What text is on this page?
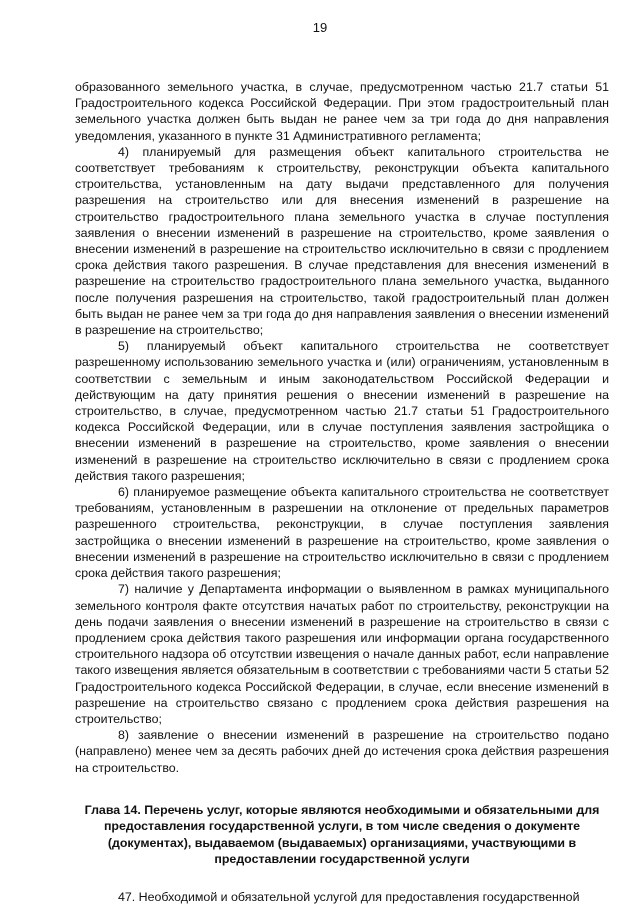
19

образованного земельного участка, в случае, предусмотренном частью 21.7 статьи 51 Градостроительного кодекса Российской Федерации. При этом градостроительный план земельного участка должен быть выдан не ранее чем за три года до дня направления уведомления, указанного в пункте 31 Административного регламента;

4) планируемый для размещения объект капитального строительства не соответствует требованиям к строительству, реконструкции объекта капитального строительства, установленным на дату выдачи представленного для получения разрешения на строительство или для внесения изменений в разрешение на строительство градостроительного плана земельного участка в случае поступления заявления о внесении изменений в разрешение на строительство, кроме заявления о внесении изменений в разрешение на строительство исключительно в связи с продлением срока действия такого разрешения. В случае представления для внесения изменений в разрешение на строительство градостроительного плана земельного участка, выданного после получения разрешения на строительство, такой градостроительный план должен быть выдан не ранее чем за три года до дня направления заявления о внесении изменений в разрешение на строительство;

5) планируемый объект капитального строительства не соответствует разрешенному использованию земельного участка и (или) ограничениям, установленным в соответствии с земельным и иным законодательством Российской Федерации и действующим на дату принятия решения о внесении изменений в разрешение на строительство, в случае, предусмотренном частью 21.7 статьи 51 Градостроительного кодекса Российской Федерации, или в случае поступления заявления застройщика о внесении изменений в разрешение на строительство, кроме заявления о внесении изменений в разрешение на строительство исключительно в связи с продлением срока действия такого разрешения;

6) планируемое размещение объекта капитального строительства не соответствует требованиям, установленным в разрешении на отклонение от предельных параметров разрешенного строительства, реконструкции, в случае поступления заявления застройщика о внесении изменений в разрешение на строительство, кроме заявления о внесении изменений в разрешение на строительство исключительно в связи с продлением срока действия такого разрешения;

7) наличие у Департамента информации о выявленном в рамках муниципального земельного контроля факте отсутствия начатых работ по строительству, реконструкции на день подачи заявления о внесении изменений в разрешение на строительство в связи с продлением срока действия такого разрешения или информации органа государственного строительного надзора об отсутствии извещения о начале данных работ, если направление такого извещения является обязательным в соответствии с требованиями части 5 статьи 52 Градостроительного кодекса Российской Федерации, в случае, если внесение изменений в разрешение на строительство связано с продлением срока действия разрешения на строительство;

8) заявление о внесении изменений в разрешение на строительство подано (направлено) менее чем за десять рабочих дней до истечения срока действия разрешения на строительство.

Глава 14. Перечень услуг, которые являются необходимыми и обязательными для предоставления государственной услуги, в том числе сведения о документе (документах), выдаваемом (выдаваемых) организациями, участвующими в предоставлении государственной услуги

47. Необходимой и обязательной услугой для предоставления государственной
